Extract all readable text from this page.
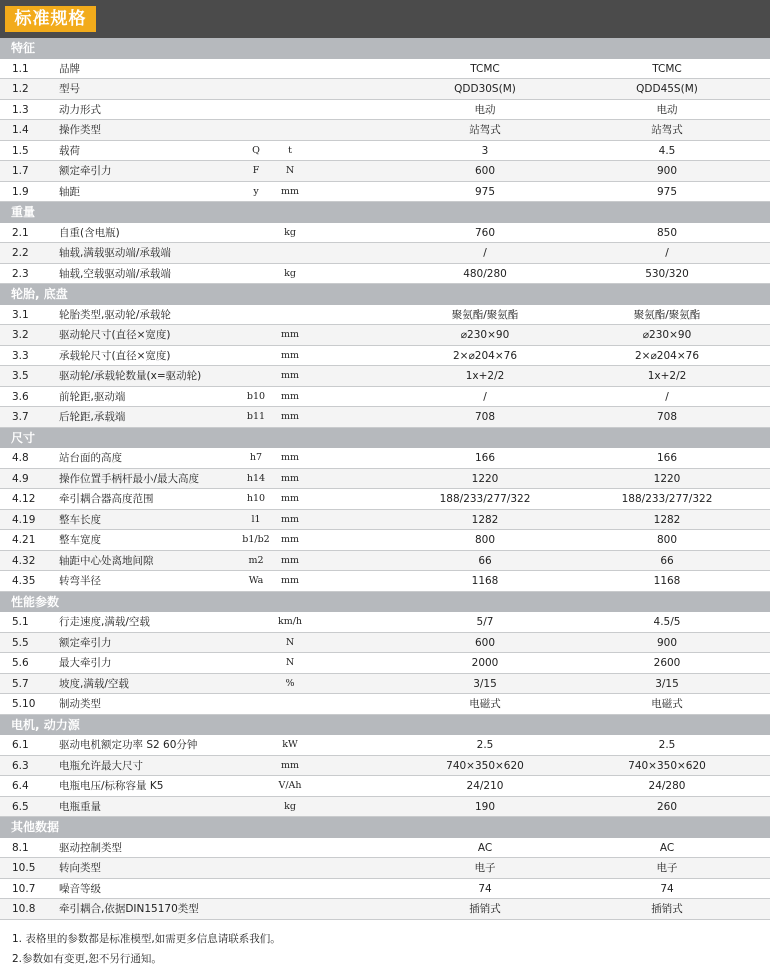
标准规格
特征
1.1	品牌	TCMC	TCMC
1.2	型号	QDD30S(M)	QDD45S(M)
1.3	动力形式	电动	电动
1.4	操作类型	站驾式	站驾式
1.5	载荷	Q	t	3	4.5
1.7	额定牵引力	F	N	600	900
1.9	轴距	y mm	975	975
重量
2.1	自重(含电瓶)	kg	760	850
2.2	轴载,满载驱动端/承载端	/	/
2.3	轴载,空载驱动端/承载端	kg	480/280	530/320
轮胎, 底盘
3.1	轮胎类型,驱动轮/承载轮	聚氨酯/聚氨酯	聚氨酯/聚氨酯
3.2	驱动轮尺寸(直径×宽度)	mm	⌀230×90	⌀230×90
3.3	承载轮尺寸(直径×宽度)	mm	2×⌀204×76	2×⌀204×76
3.5	驱动轮/承载轮数量(x=驱动轮)	mm	1x+2/2	1x+2/2
3.6	前轮距,驱动端	b10 mm	/	/
3.7	后轮距,承载端	b11 mm	708	708
尺寸
4.8	站台面的高度	h7 mm	166	166
4.9	操作位置手柄杆最小/最大高度	h14 mm	1220	1220
4.12 牵引耦合器高度范围	h10 mm	188/233/277/322	188/233/277/322
4.19 整车长度	l1 mm	1282	1282
4.21 整车宽度	b1/b2 mm	800	800
4.32 轴距中心处离地间隙	m2 mm	66	66
4.35 转弯半径	Wa mm	1168	1168
性能参数
5.1	行走速度,满载/空载	km/h	5/7	4.5/5
5.5	额定牵引力	N	600	900
5.6	最大牵引力	N	2000	2600
5.7	坡度,满载/空载	%	3/15	3/15
5.10 制动类型	电磁式	电磁式
电机, 动力源
6.1	驱动电机额定功率 S2 60分钟	kW	2.5	2.5
6.3	电瓶允许最大尺寸	mm	740×350×620	740×350×620
6.4	电瓶电压/标称容量 K5	V/Ah	24/210	24/280
6.5	电瓶重量	kg	190	260
其他数据
8.1	驱动控制类型	AC	AC
10.5 转向类型	电子	电子
10.7 噪音等级	74	74
10.8 牵引耦合,依据DIN15170类型	插销式	插销式
1. 表格里的参数都是标准模型,如需更多信息请联系我们。
2.参数如有变更,恕不另行通知。
